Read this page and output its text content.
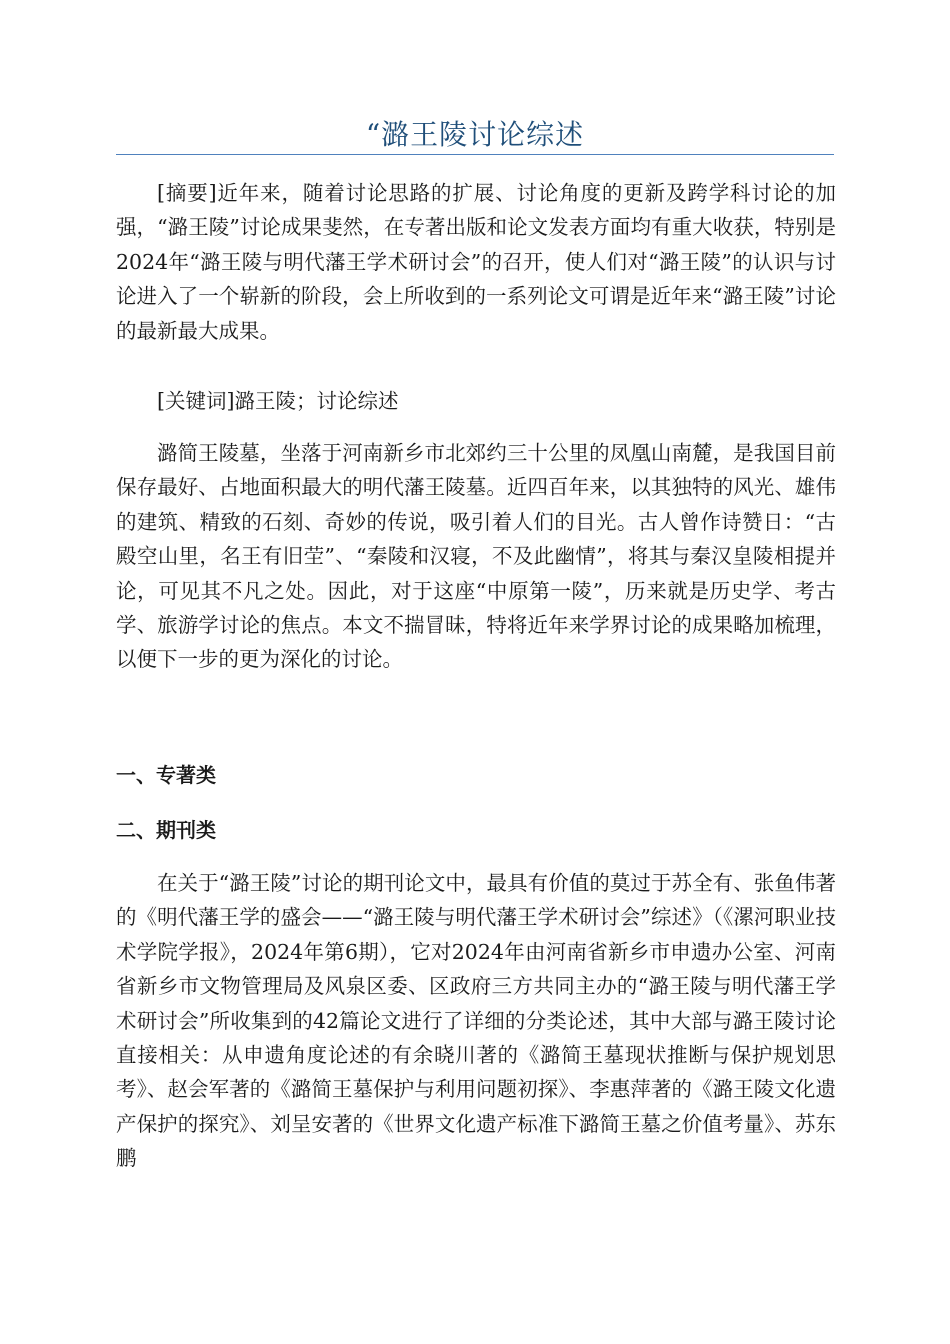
“潞王陵讨论综述

[摘要]近年来，随着讨论思路的扩展、讨论角度的更新及跨学科讨论的加强，“潞王陵”讨论成果斐然，在专著出版和论文发表方面均有重大收获，特别是2024年“潞王陵与明代藩王学术研讨会”的召开，使人们对“潞王陵”的认识与讨论进入了一个崭新的阶段，会上所收到的一系列论文可谓是近年来“潞王陵”讨论的最新最大成果。

[关键词]潞王陵；讨论综述

潞简王陵墓，坐落于河南新乡市北郊约三十公里的凤凰山南麓，是我国目前保存最好、占地面积最大的明代藩王陵墓。近四百年来，以其独特的风光、雄伟的建筑、精致的石刻、奇妙的传说，吸引着人们的目光。古人曾作诗赞日：“古殿空山里，名王有旧茔”、“秦陵和汉寝，不及此幽情”，将其与秦汉皇陵相提并论，可见其不凡之处。因此，对于这座“中原第一陵”，历来就是历史学、考古学、旅游学讨论的焦点。本文不揣冒昧，特将近年来学界讨论的成果略加梳理，以便下一步的更为深化的讨论。

一、专著类

二、期刊类

在关于“潞王陵”讨论的期刊论文中，最具有价值的莫过于苏全有、张鱼伟著的《明代藩王学的盛会——“潞王陵与明代藩王学术研讨会”综述》（《漯河职业技术学院学报》，2024年第6期），它对2024年由河南省新乡市申遗办公室、河南省新乡市文物管理局及风泉区委、区政府三方共同主办的“潞王陵与明代藩王学术研讨会”所收集到的42篇论文进行了详细的分类论述，其中大部与潞王陵讨论直接相关：从申遗角度论述的有余晓川著的《潞简王墓现状推断与保护规划思考》、赵会军著的《潞简王墓保护与利用问题初探》、李惠萍著的《潞王陵文化遗产保护的探究》、刘呈安著的《世界文化遗产标准下潞简王墓之价值考量》、苏东鹏
